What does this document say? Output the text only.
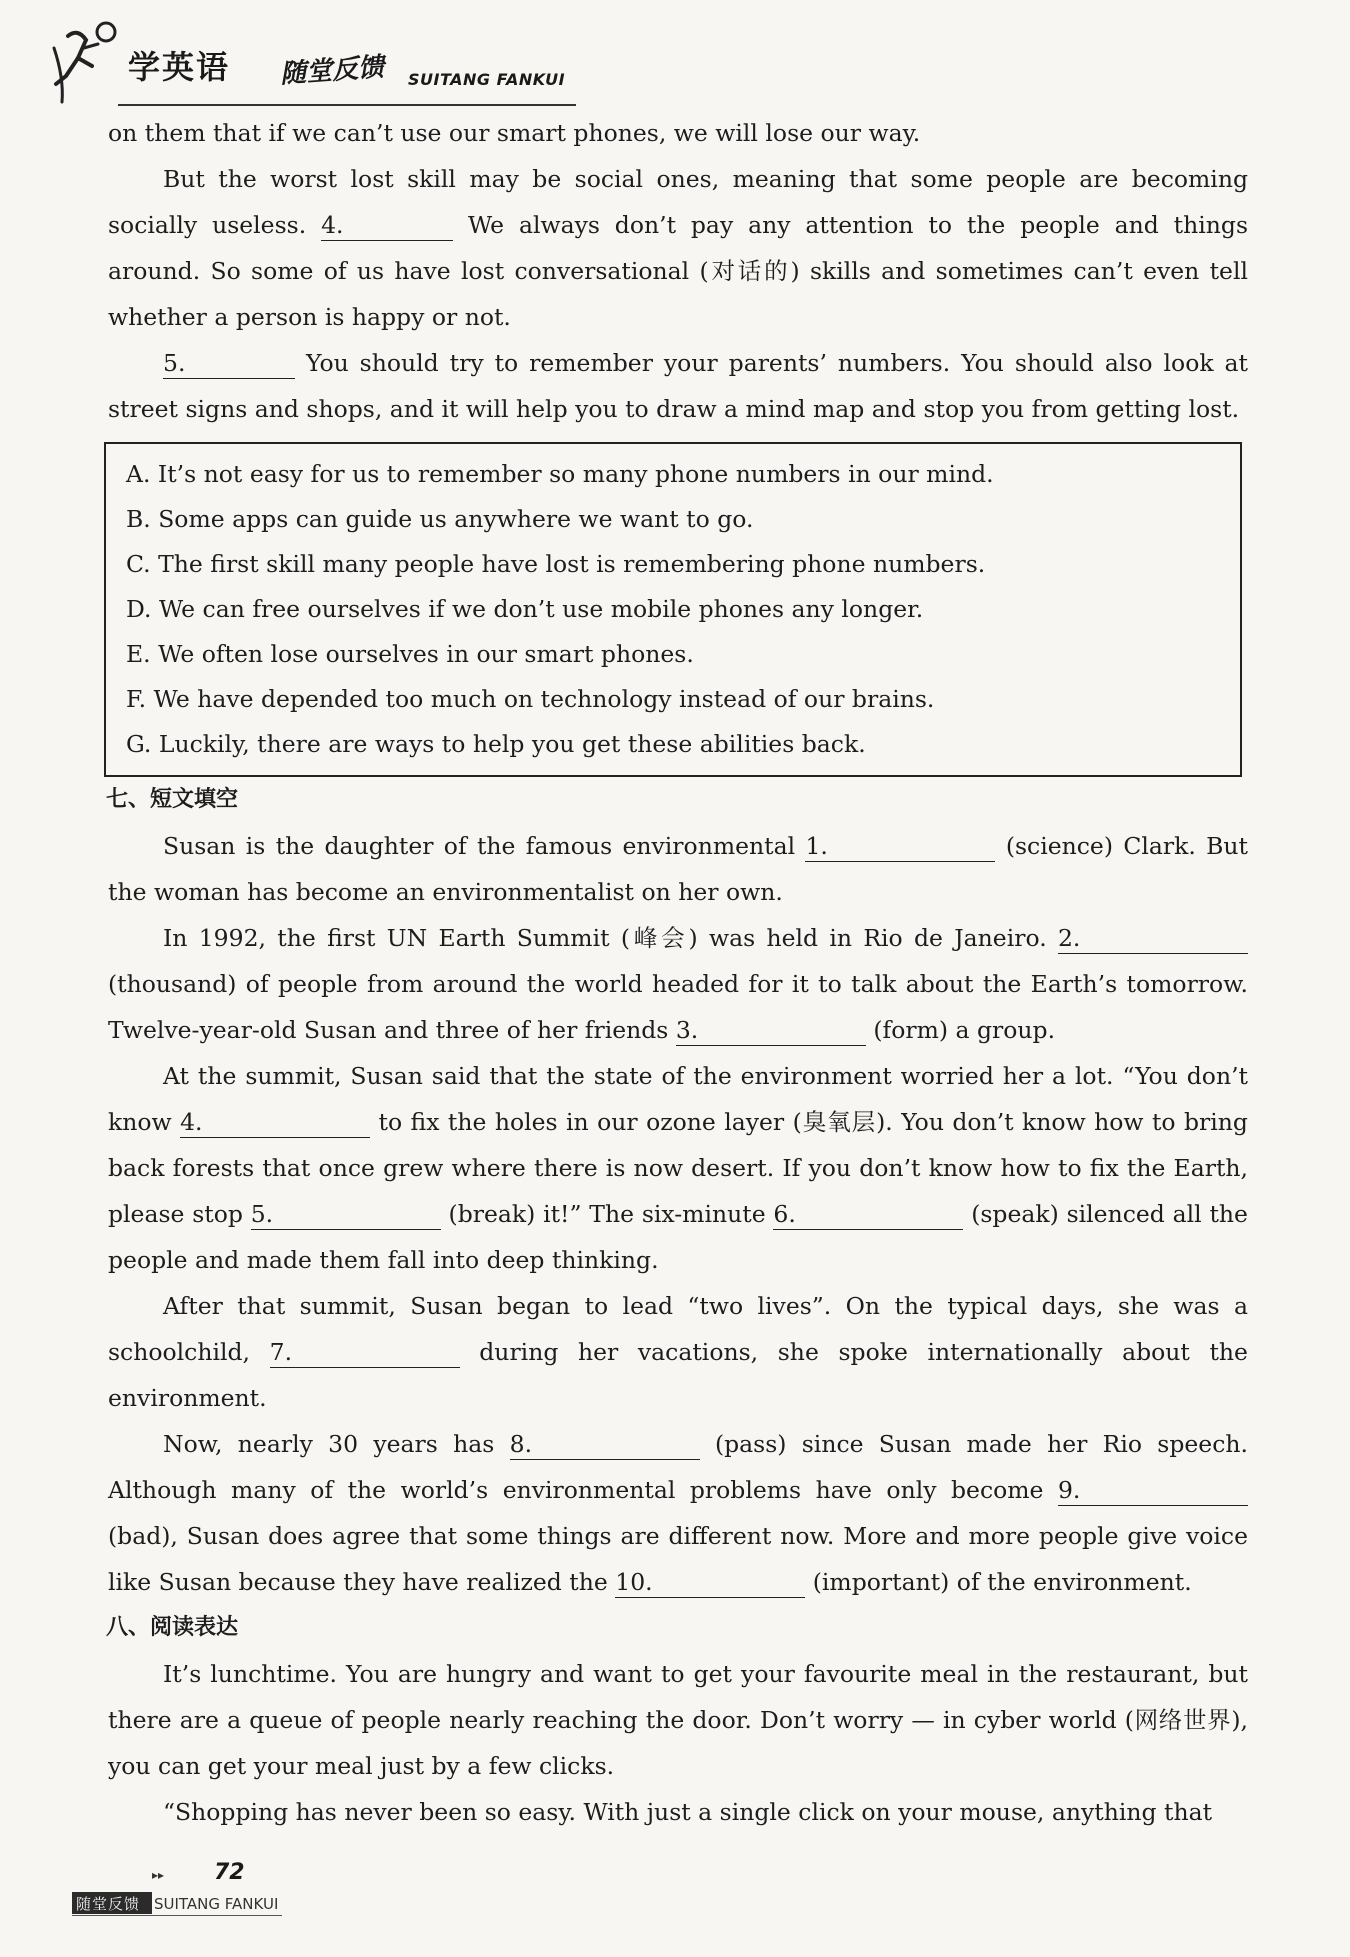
学英语 随堂反馈 SUITANG FANKUI

on them that if we can’t use our smart phones, we will lose our way.

But the worst lost skill may be social ones, meaning that some people are becoming socially useless. 4.	We always don’t pay any attention to the people and things around. So some of us have lost conversational (对话的) skills and sometimes can’t even tell whether a person is happy or not.

5.	You should try to remember your parents’ numbers. You should also look at street signs and shops, and it will help you to draw a mind map and stop you from getting lost.

A. It’s not easy for us to remember so many phone numbers in our mind.
B. Some apps can guide us anywhere we want to go.
C. The first skill many people have lost is remembering phone numbers.
D. We can free ourselves if we don’t use mobile phones any longer.
E. We often lose ourselves in our smart phones.
F. We have depended too much on technology instead of our brains.
G. Luckily, there are ways to help you get these abilities back.
七、短文填空

Susan is the daughter of the famous environmental 1.	(science) Clark. But the woman has become an environmentalist on her own.

In 1992, the first UN Earth Summit (峰会) was held in Rio de Janeiro. 2. (thousand) of people from around the world headed for it to talk about the Earth’s tomorrow. Twelve-year-old Susan and three of her friends 3.	(form) a group.

At the summit, Susan said that the state of the environment worried her a lot. “You don’t know 4.	to fix the holes in our ozone layer (臭氧层). You don’t know how to bring back forests that once grew where there is now desert. If you don’t know how to fix the Earth, please stop 5.	(break) it!” The six-minute 6.	(speak) silenced all the people and made them fall into deep thinking.

After that summit, Susan began to lead “two lives”. On the typical days, she was a schoolchild, 7.	during her vacations, she spoke internationally about the environment.

Now, nearly 30 years has 8.	(pass) since Susan made her Rio speech. Although many of the world’s environmental problems have only become 9. (bad), Susan does agree that some things are different now. More and more people give voice like Susan because they have realized the 10.	(important) of the environment.

八、阅读表达

It’s lunchtime. You are hungry and want to get your favourite meal in the restaurant, but there are a queue of people nearly reaching the door. Don’t worry — in cyber world (网络世界), you can get your meal just by a few clicks.

“Shopping has never been so easy. With just a single click on your mouse, anything that

▸▸ 72
随堂反馈 SUITANG FANKUI
